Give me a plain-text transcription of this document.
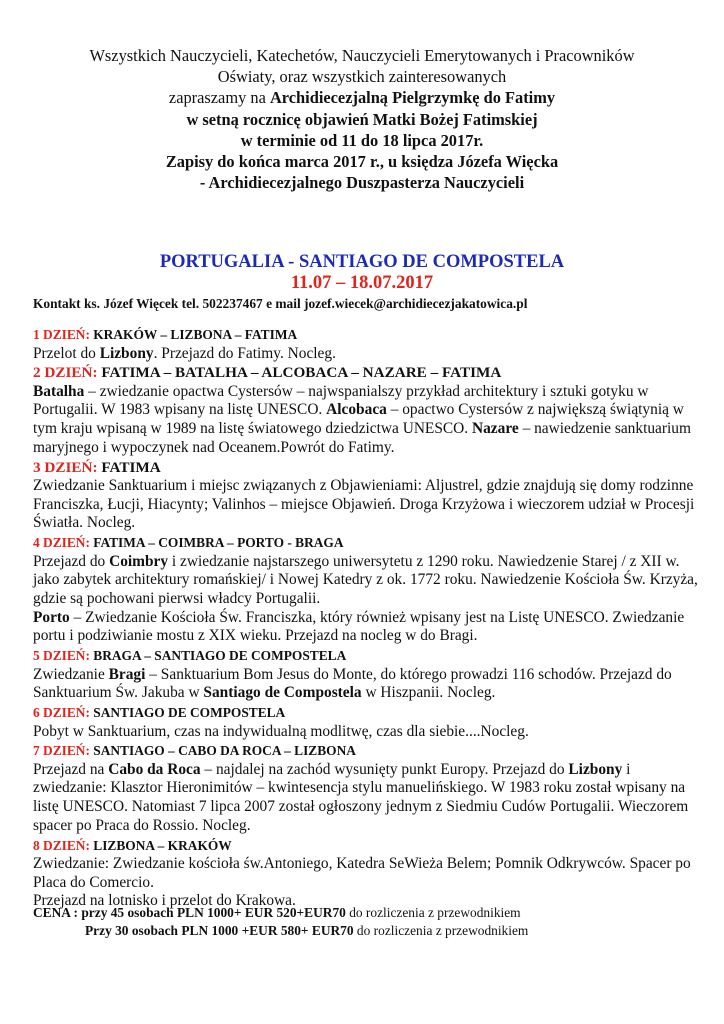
Wszystkich Nauczycieli, Katechetów, Nauczycieli Emerytowanych i Pracowników
Oświaty, oraz wszystkich zainteresowanych
zapraszamy na Archidiecezjalną Pielgrzymkę do Fatimy
w setną rocznicę objawień Matki Bożej Fatimskiej
w terminie od 11 do 18 lipca 2017r.
Zapisy do końca marca 2017 r., u księdza Józefa Więcka
- Archidiecezjalnego Duszpasterza Nauczycieli
PORTUGALIA - SANTIAGO DE COMPOSTELA
11.07 – 18.07.2017
Kontakt ks. Józef Więcek tel. 502237467 e mail jozef.wiecek@archidiecezjakatowica.pl
1 DZIEŃ: KRAKÓW – LIZBONA – FATIMA
Przelot do Lizbony. Przejazd do Fatimy. Nocleg.
2 DZIEŃ: FATIMA – BATALHA – ALCOBACA – NAZARE – FATIMA
Batalha – zwiedzanie opactwa Cystersów – najwspanialszy przykład architektury i sztuki gotyku w Portugalii. W 1983 wpisany na listę UNESCO. Alcobaca – opactwo Cystersów z największą świątynią w tym kraju wpisaną w 1989 na listę światowego dziedzictwa UNESCO. Nazare – nawiedzenie sanktuarium maryjnego i wypoczynek nad Oceanem.Powrót do Fatimy.
3 DZIEŃ: FATIMA
Zwiedzanie Sanktuarium i miejsc związanych z Objawieniami: Aljustrel, gdzie znajdują się domy rodzinne Franciszka, Łucji, Hiacynty; Valinhos – miejsce Objawień. Droga Krzyżowa i wieczorem udział w Procesji Światła. Nocleg.
4 DZIEŃ: FATIMA – COIMBRA – PORTO - BRAGA
Przejazd do Coimbry i zwiedzanie najstarszego uniwersytetu z 1290 roku. Nawiedzenie Starej / z XII w. jako zabytek architektury romańskiej/ i Nowej Katedry z ok. 1772 roku. Nawiedzenie Kościoła Św. Krzyża, gdzie są pochowani pierwsi władcy Portugalii.
Porto – Zwiedzanie Kościoła Św. Franciszka, który również wpisany jest na Listę UNESCO. Zwiedzanie portu i podziwianie mostu z XIX wieku. Przejazd na nocleg w do Bragi.
5 DZIEŃ: BRAGA – SANTIAGO DE COMPOSTELA
Zwiedzanie Bragi – Sanktuarium Bom Jesus do Monte, do którego prowadzi 116 schodów. Przejazd do Sanktuarium Św. Jakuba w Santiago de Compostela w Hiszpanii. Nocleg.
6 DZIEŃ: SANTIAGO DE COMPOSTELA
Pobyt w Sanktuarium, czas na indywidualną modlitwę, czas dla siebie....Nocleg.
7 DZIEŃ: SANTIAGO – CABO DA ROCA – LIZBONA
Przejazd na Cabo da Roca – najdalej na zachód wysunięty punkt Europy. Przejazd do Lizbony i zwiedzanie: Klasztor Hieronimitów – kwintesencja stylu manuelińskiego. W 1983 roku został wpisany na listę UNESCO. Natomiast 7 lipca 2007 został ogłoszony jednym z Siedmiu Cudów Portugalii. Wieczorem spacer po Praca do Rossio. Nocleg.
8 DZIEŃ: LIZBONA – KRAKÓW
Zwiedzanie: Zwiedzanie kościoła św.Antoniego, Katedra SeWieża Belem; Pomnik Odkrywców. Spacer po Placa do Comercio.
Przejazd na lotnisko i przelot do Krakowa.
CENA : przy 45 osobach PLN 1000+ EUR 520+EUR70 do rozliczenia z przewodnikiem
Przy 30 osobach PLN 1000 +EUR 580+ EUR70 do rozliczenia z przewodnikiem
